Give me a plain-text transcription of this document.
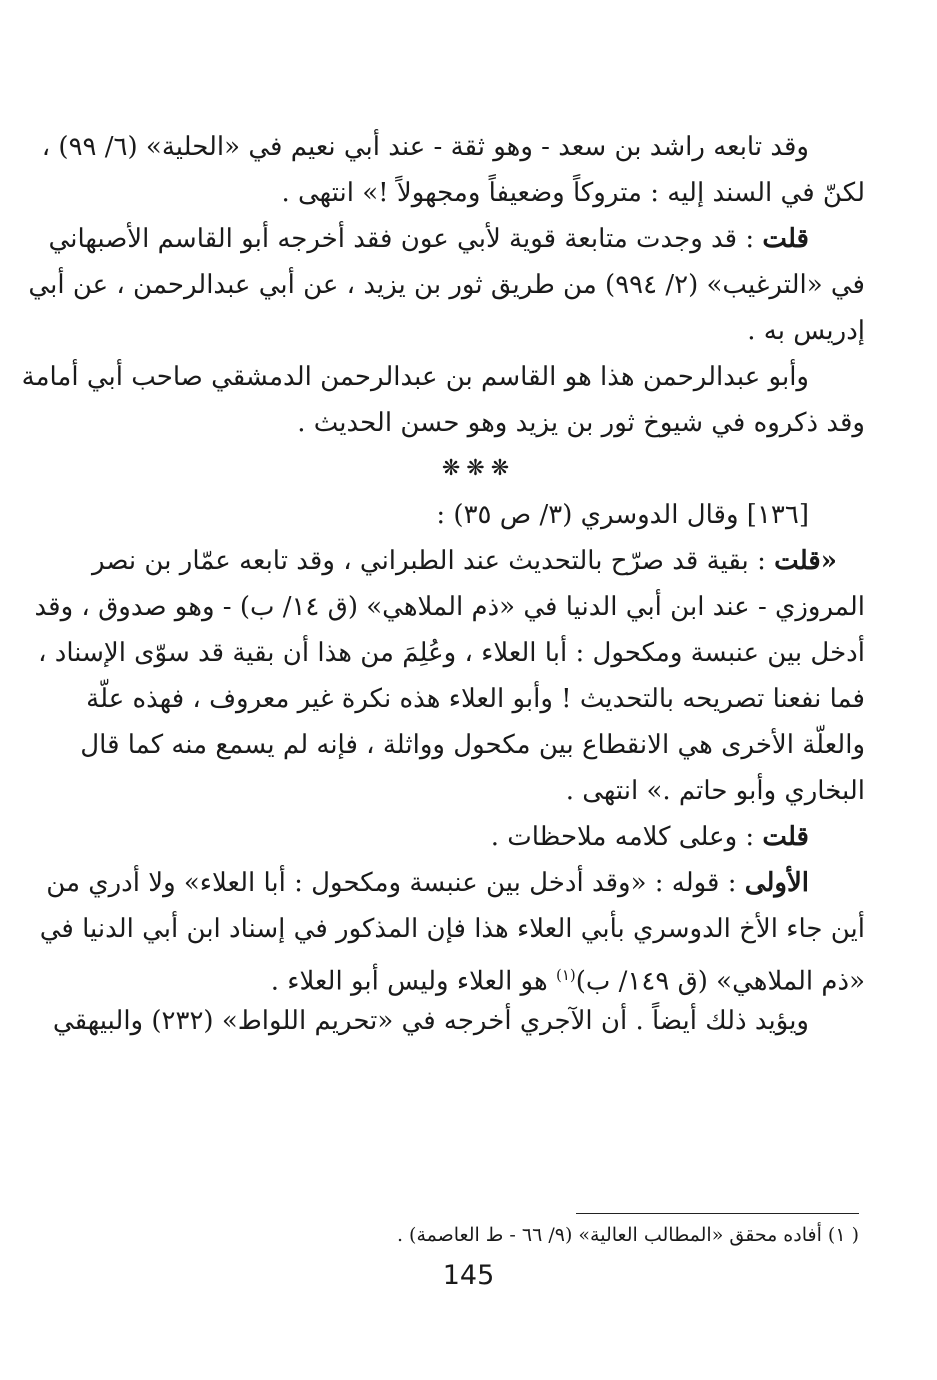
وقد تابعه راشد بن سعد - وهو ثقة - عند أبي نعيم في «الحلية» (٦/ ٩٩) ،
لكنّ في السند إليه : متروكاً وضعيفاً ومجهولاً !» انتهى .
قلت : قد وجدت متابعة قوية لأبي عون فقد أخرجه أبو القاسم الأصبهاني
في «الترغيب» (٢/ ٩٩٤) من طريق ثور بن يزيد ، عن أبي عبدالرحمن ، عن أبي
إدريس به .
وأبو عبدالرحمن هذا هو القاسم بن عبدالرحمن الدمشقي صاحب أبي أمامة
وقد ذكروه في شيوخ ثور بن يزيد وهو حسن الحديث .
❋❋❋
[١٣٦] وقال الدوسري (٣/ ص ٣٥) :
«قلت : بقية قد صرّح بالتحديث عند الطبراني ، وقد تابعه عمّار بن نصر
المروزي - عند ابن أبي الدنيا في «ذم الملاهي» (ق ١٤/ ب) - وهو صدوق ، وقد
أدخل بين عنبسة ومكحول : أبا العلاء ، وعُلِمَ من هذا أن بقية قد سوّى الإسناد ،
فما نفعنا تصريحه بالتحديث ! وأبو العلاء هذه نكرة غير معروف ، فهذه علّة
والعلّة الأخرى هي الانقطاع بين مكحول وواثلة ، فإنه لم يسمع منه كما قال
البخاري وأبو حاتم .» انتهى .
قلت : وعلى كلامه ملاحظات .
الأولى : قوله : «وقد أدخل بين عنبسة ومكحول : أبا العلاء» ولا أدري من
أين جاء الأخ الدوسري بأبي العلاء هذا فإن المذكور في إسناد ابن أبي الدنيا في
«ذم الملاهي» (ق ١٤٩/ ب)$^{(١)}$ هو العلاء وليس أبو العلاء .
ويؤيد ذلك أيضاً . أن الآجري أخرجه في «تحريم اللواط» (٢٣٢) والبيهقي
( ١) أفاده محقق «المطالب العالية» (٩/ ٦٦ - ط العاصمة) .
145
